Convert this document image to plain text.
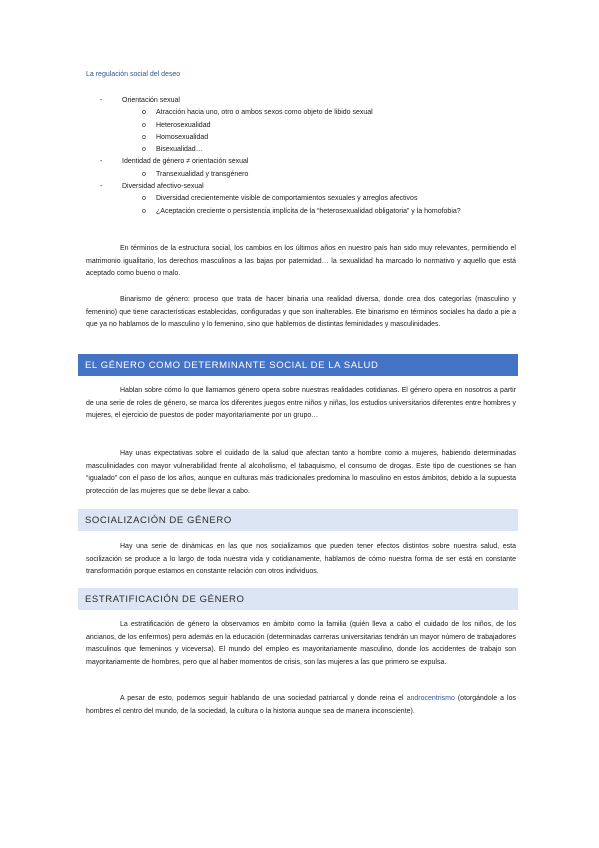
La regulación social del deseo
-	Orientación sexual
o Atracción hacia uno, otro o ambos sexos como objeto de libido sexual
o Heterosexualidad
o Homosexualidad
o Bisexualidad…
-	Identidad de género ≠ orientación sexual
o Transexualidad y transgénero
-	Diversidad afectivo-sexual
o Diversidad crecientemente visible de comportamientos sexuales y arreglos afectivos
o ¿Aceptación creciente o persistencia implícita de la “heterosexualidad obligatoria” y la homofobia?

En términos de la estructura social, los cambios en los últimos años en nuestro país han sido muy relevantes, permitiendo el matrimonio igualitario, los derechos masculinos a las bajas por paternidad… la sexualidad ha marcado lo normativo y aquello que está aceptado como bueno o malo.

Binarismo de género: proceso que trata de hacer binaria una realidad diversa, donde crea dos categorías (masculino y femenino) que tiene características establecidas, configuradas y que son inalterables. Ete binarismo en términos sociales ha dado a pie a que ya no hablamos de lo masculino y lo femenino, sino que hablemos de distintas feminidades y masculinidades.

EL GÉNERO COMO DETERMINANTE SOCIAL DE LA SALUD

Hablan sobre cómo lo que llamamos género opera sobre nuestras realidades cotidianas. El género opera en nosotros a partir de una serie de roles de género, se marca los diferentes juegos entre niños y niñas, los estudios universitarios diferentes entre hombres y mujeres, el ejercicio de puestos de poder mayoritariamente por un grupo…

Hay unas expectativas sobre el cuidado de la salud que afectan tanto a hombre como a mujeres, habiendo determinadas masculinidades con mayor vulnerabilidad frente al alcoholismo, el tabaquismo, el consumo de drogas. Este tipo de cuestiones se han “igualado” con el paso de los años, aunque en culturas más tradicionales predomina lo masculino en estos ámbitos, debido a la supuesta protección de las mujeres que se debe llevar a cabo.

SOCIALIZACIÓN DE GÉNERO

Hay una serie de dinámicas en las que nos socializamos que pueden tener efectos distintos sobre nuestra salud, esta socilización se produce a lo largo de toda nuestra vida y cotidianamente, hablamos de cómo nuestra forma de ser está en constante transformación porque estamos en constante relación con otros individuos.

ESTRATIFICACIÓN DE GÉNERO

La estratificación de género la observamos en ámbito como la familia (quién lleva a cabo el cuidado de los niños, de los ancianos, de los enfermos) pero además en la educación (determinadas carreras universitarias tendrán un mayor número de trabajadores masculinos que femeninos y viceversa). El mundo del empleo es mayoritariamente masculino, donde los accidentes de trabajo son mayoritariamente de hombres, pero que al haber momentos de crisis, son las mujeres a las que primero se expulsa.

A pesar de esto, podemos seguir hablando de una sociedad patriarcal y donde reina el androcentrismo (otorgándole a los hombres el centro del mundo, de la sociedad, la cultura o la historia aunque sea de manera inconsciente).
